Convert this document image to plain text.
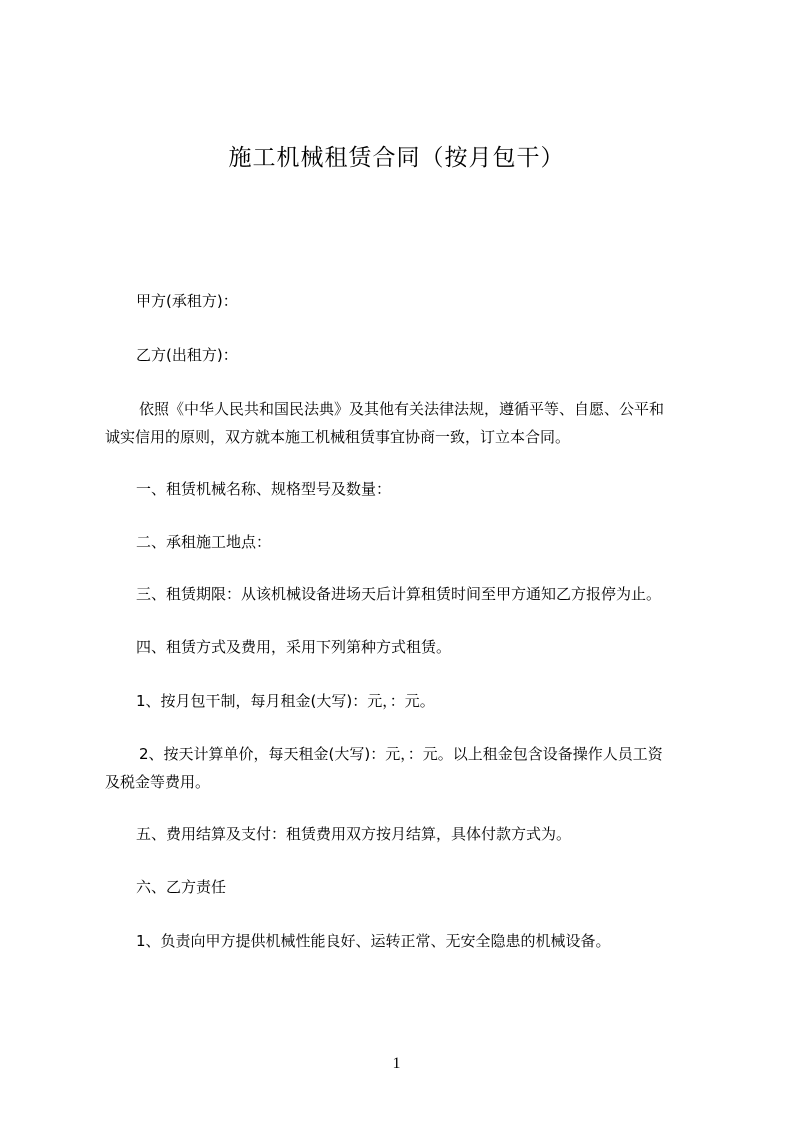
施工机械租赁合同（按月包干）
甲方(承租方)：
乙方(出租方)：
依照《中华人民共和国民法典》及其他有关法律法规，遵循平等、自愿、公平和
诚实信用的原则，双方就本施工机械租赁事宜协商一致，订立本合同。
一、租赁机械名称、规格型号及数量：
二、承租施工地点：
三、租赁期限：从该机械设备进场天后计算租赁时间至甲方通知乙方报停为止。
四、租赁方式及费用，采用下列第种方式租赁。
1、按月包干制，每月租金(大写)：元，：元。
2、按天计算单价，每天租金(大写)：元，：元。以上租金包含设备操作人员工资
及税金等费用。
五、费用结算及支付：租赁费用双方按月结算，具体付款方式为。
六、乙方责任
1、负责向甲方提供机械性能良好、运转正常、无安全隐患的机械设备。
1
